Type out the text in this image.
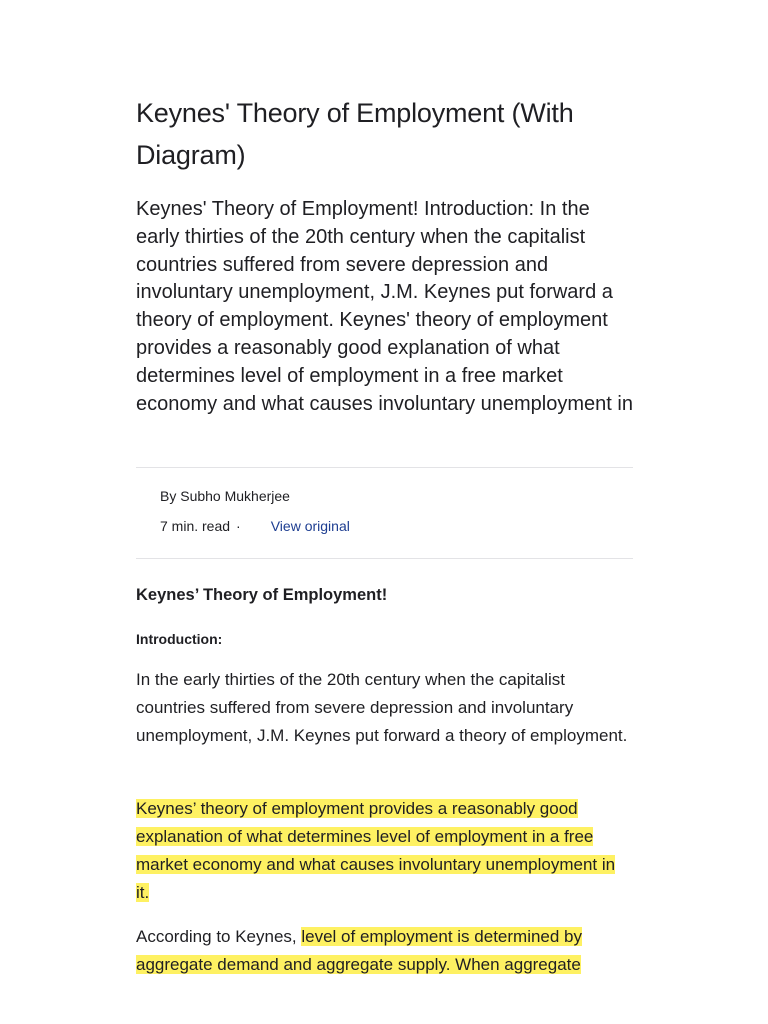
Keynes' Theory of Employment (With Diagram)

Keynes' Theory of Employment! Introduction: In the early thirties of the 20th century when the capitalist countries suffered from severe depression and involuntary unemployment, J.M. Keynes put forward a theory of employment. Keynes' theory of employment provides a reasonably good explanation of what determines level of employment in a free market economy and what causes involuntary unemployment in

By Subho Mukherjee
7 min. read · View original
Keynes’ Theory of Employment!
Introduction:

In the early thirties of the 20th century when the capitalist countries suffered from severe depression and involuntary unemployment, J.M. Keynes put forward a theory of employment.

Keynes’ theory of employment provides a reasonably good explanation of what determines level of employment in a free market economy and what causes involuntary unemployment in it.

According to Keynes, level of employment is determined by aggregate demand and aggregate supply. When aggregate
